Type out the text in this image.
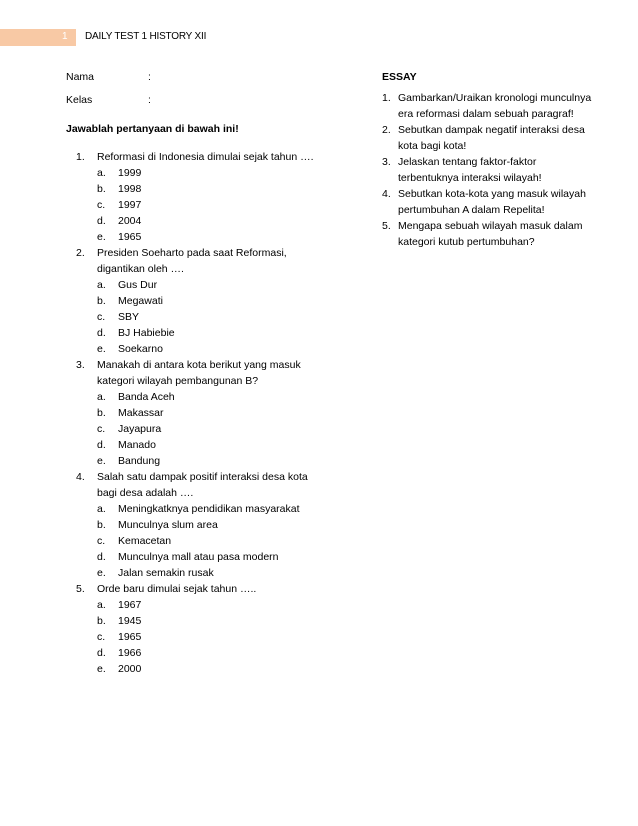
1 DAILY TEST 1 HISTORY XII
Nama	:
Kelas	:
Jawablah pertanyaan di bawah ini!
1. Reformasi di Indonesia dimulai sejak tahun ….
a. 1999
b. 1998
c. 1997
d. 2004
e. 1965
2. Presiden Soeharto pada saat Reformasi, digantikan oleh ….
a. Gus Dur
b. Megawati
c. SBY
d. BJ Habiebie
e. Soekarno
3. Manakah di antara kota berikut yang masuk kategori wilayah pembangunan B?
a. Banda Aceh
b. Makassar
c. Jayapura
d. Manado
e. Bandung
4. Salah satu dampak positif interaksi desa kota bagi desa adalah ….
a. Meningkatknya pendidikan masyarakat
b. Munculnya slum area
c. Kemacetan
d. Munculnya mall atau pasa modern
e. Jalan semakin rusak
5. Orde baru dimulai sejak tahun …..
a. 1967
b. 1945
c. 1965
d. 1966
e. 2000
ESSAY
1. Gambarkan/Uraikan kronologi munculnya era reformasi dalam sebuah paragraf!
2. Sebutkan dampak negatif interaksi desa kota bagi kota!
3. Jelaskan tentang faktor-faktor terbentuknya interaksi wilayah!
4. Sebutkan kota-kota yang masuk wilayah pertumbuhan A dalam Repelita!
5. Mengapa sebuah wilayah masuk dalam kategori kutub pertumbuhan?
